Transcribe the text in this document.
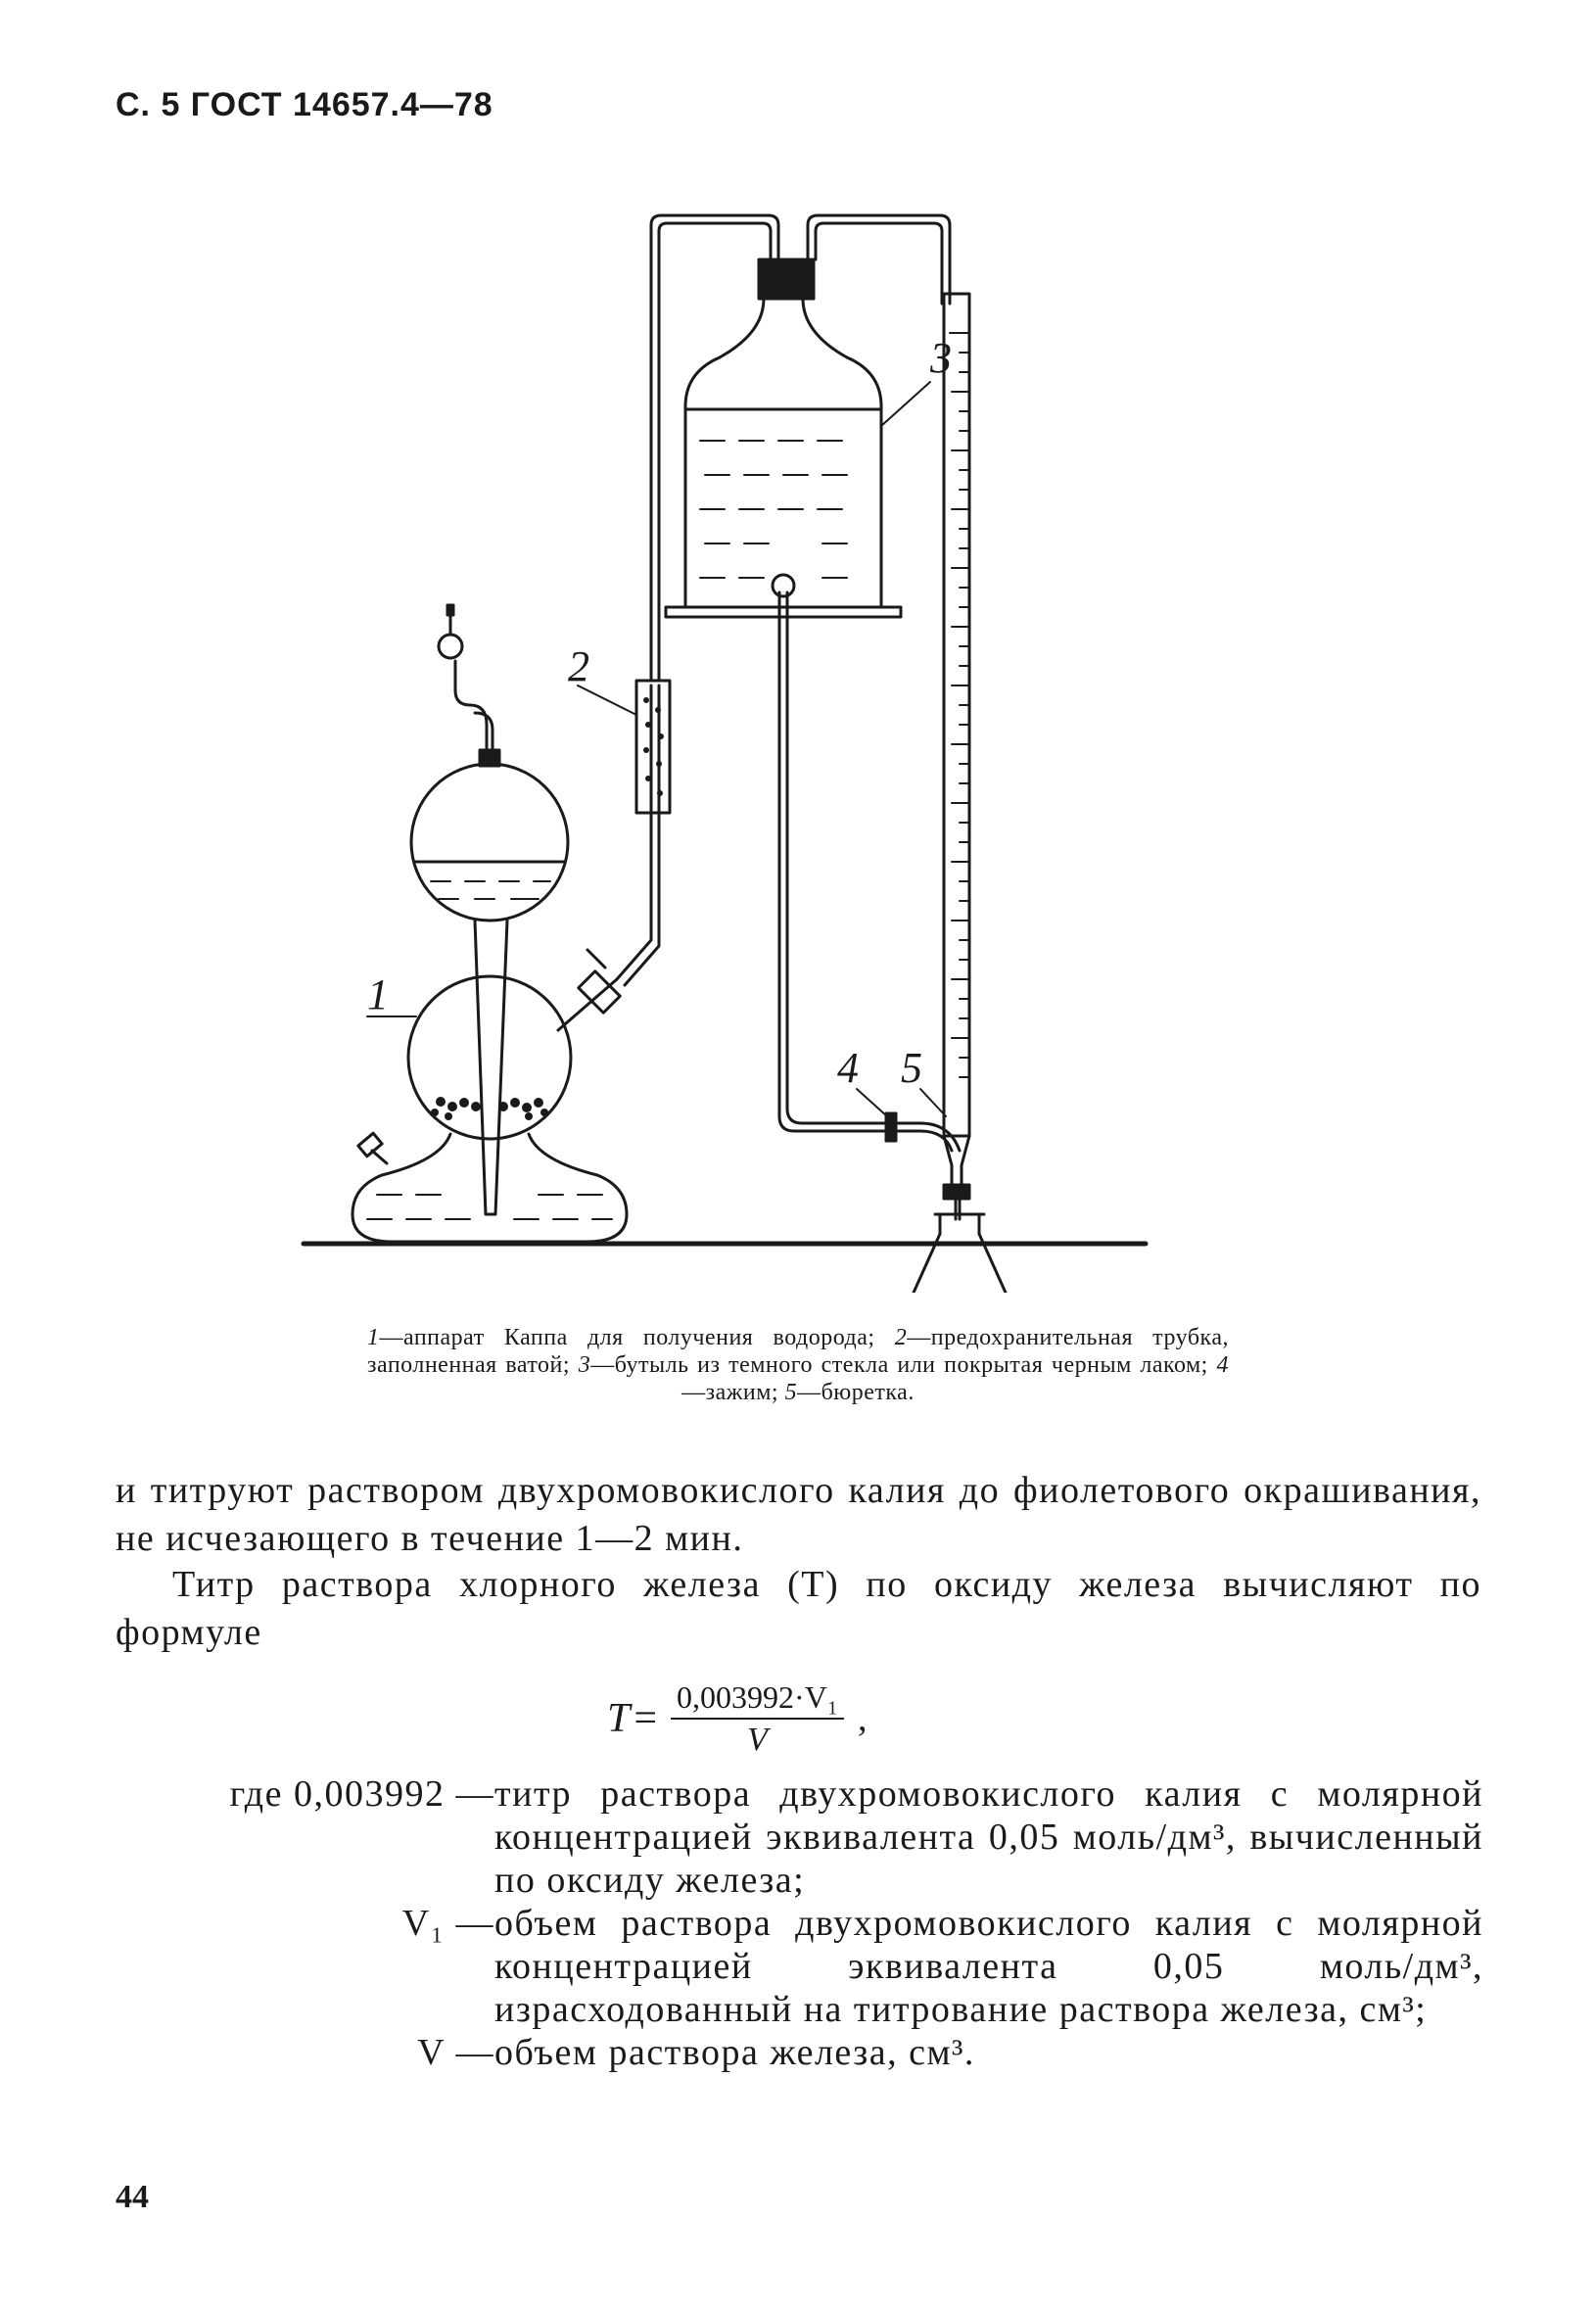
С. 5 ГОСТ 14657.4—78
1
2
3
4 5
1—аппарат Каппа для получения водорода; 2—предохранительная трубка, заполненная ватой; 3—бутыль из темного стекла или покрытая черным лаком; 4—зажим; 5—бюретка.

и титруют раствором двухромовокислого калия до фиолетового окрашивания, не исчезающего в течение 1—2 мин.

Титр раствора хлорного железа (T) по оксиду железа вычисляют по формуле

$T = \frac{\text{0,003992·V₁}}{V}$ ,
где 0,003992 — титр раствора двухромовокислого калия с молярной концентрацией эквивалента 0,05 моль/дм³, вычисленный по оксиду железа;
V₁ — объем раствора двухромовокислого калия с молярной концентрацией эквивалента 0,05 моль/дм³, израсходованный на титрование раствора железа, см³;
V — объем раствора железа, см³.
44
